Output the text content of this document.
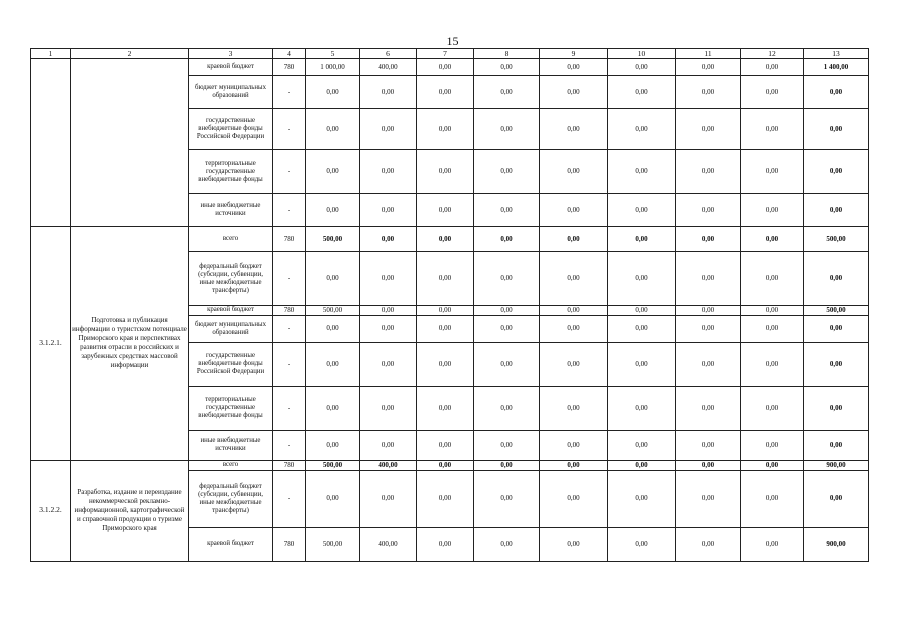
15
1	2	3	4	5	6	7	8	9	10	11	12	13
		краевой бюджет	780	1 000,00	400,00	0,00	0,00	0,00	0,00	0,00	0,00	1 400,00
		бюджет муниципальных образований	-	0,00	0,00	0,00	0,00	0,00	0,00	0,00	0,00	0,00
		государственные внебюджетные фонды Российской Федерации	-	0,00	0,00	0,00	0,00	0,00	0,00	0,00	0,00	0,00
		территориальные государственные внебюджетные фонды	-	0,00	0,00	0,00	0,00	0,00	0,00	0,00	0,00	0,00
		иные внебюджетные источники	-	0,00	0,00	0,00	0,00	0,00	0,00	0,00	0,00	0,00
3.1.2.1.	Подготовка и публикация информации о туристском потенциале Приморского края и перспективах развития отрасли в российских и зарубежных средствах массовой информации	всего	780	500,00	0,00	0,00	0,00	0,00	0,00	0,00	0,00	500,00
		федеральный бюджет (субсидии, субвенции, иные межбюджетные трансферты)	-	0,00	0,00	0,00	0,00	0,00	0,00	0,00	0,00	0,00
		краевой бюджет	780	500,00	0,00	0,00	0,00	0,00	0,00	0,00	0,00	500,00
		бюджет муниципальных образований	-	0,00	0,00	0,00	0,00	0,00	0,00	0,00	0,00	0,00
		государственные внебюджетные фонды Российской Федерации	-	0,00	0,00	0,00	0,00	0,00	0,00	0,00	0,00	0,00
		территориальные государственные внебюджетные фонды	-	0,00	0,00	0,00	0,00	0,00	0,00	0,00	0,00	0,00
		иные внебюджетные источники	-	0,00	0,00	0,00	0,00	0,00	0,00	0,00	0,00	0,00
3.1.2.2.	Разработка, издание и переиздание некоммерческой рекламно-информационной, картографической и справочной продукции о туризме Приморского края	всего	780	500,00	400,00	0,00	0,00	0,00	0,00	0,00	0,00	900,00
		федеральный бюджет (субсидии, субвенции, иные межбюджетные трансферты)	-	0,00	0,00	0,00	0,00	0,00	0,00	0,00	0,00	0,00
		краевой бюджет	780	500,00	400,00	0,00	0,00	0,00	0,00	0,00	0,00	900,00
